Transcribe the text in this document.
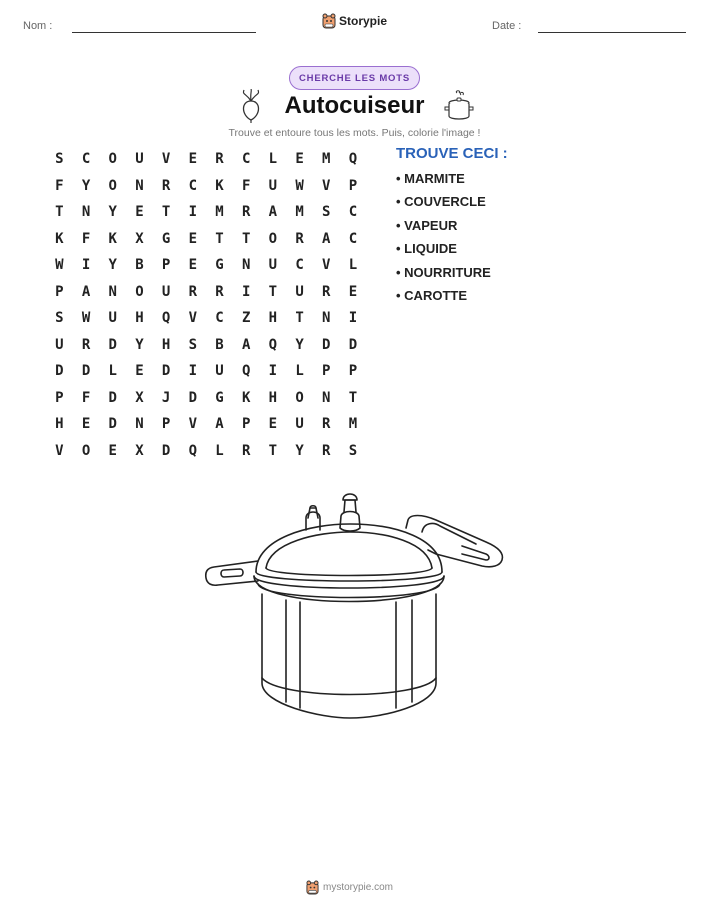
Nom :	Storypie	Date :
CHERCHE LES MOTS
Autocuiseur
Trouve et entoure tous les mots. Puis, colorie l'image !
S	C	O	U	V	E	R	C	L	E	M	Q
F	Y	O	N	R	C	K	F	U	W	V	P
T	N	Y	E	T	I	M	R	A	M	S	C
K	F	K	X	G	E	T	T	O	R	A	C
W	I	Y	B	P	E	G	N	U	C	V	L
P	A	N	O	U	R	R	I	T	U	R	E
S	W	U	H	Q	V	C	Z	H	T	N	I
U	R	D	Y	H	S	B	A	Q	Y	D	D
D	D	L	E	D	I	U	Q	I	L	P	P
P	F	D	X	J	D	G	K	H	O	N	T
H	E	D	N	P	V	A	P	E	U	R	M
V	O	E	X	D	Q	L	R	T	Y	R	S
TROUVE CECI :
• MARMITE
• COUVERCLE
• VAPEUR
• LIQUIDE
• NOURRITURE
• CAROTTE
mystorypie.com
